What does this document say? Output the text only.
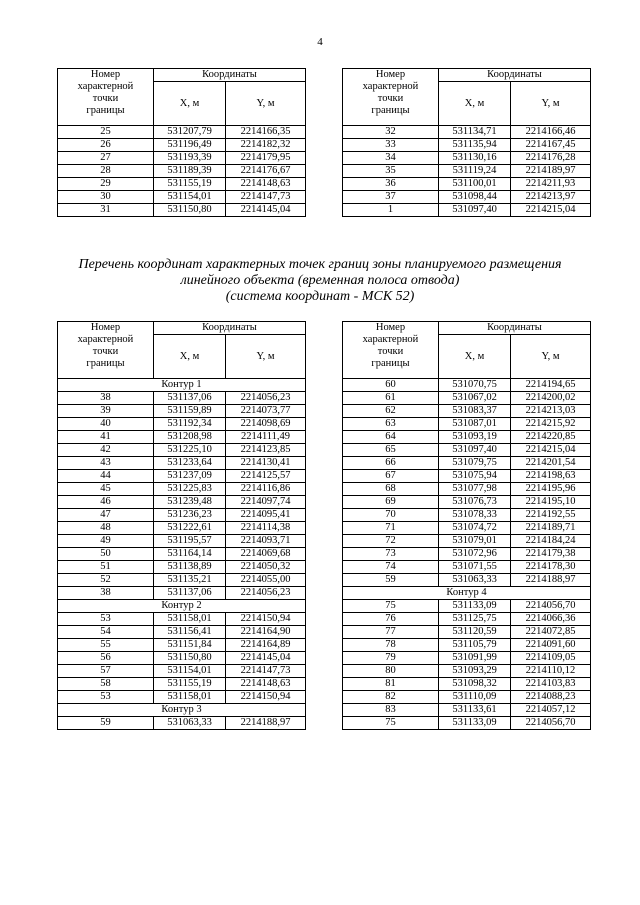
4
Номер
характерной
точки
границы	Координаты	
	X, м	Y, м
25	531207,79	2214166,35
26	531196,49	2214182,32
27	531193,39	2214179,95
28	531189,39	2214176,67
29	531155,19	2214148,63
30	531154,01	2214147,73
31	531150,80	2214145,04
Номер
характерной
точки
границы	Координаты	
	X, м	Y, м
32	531134,71	2214166,46
33	531135,94	2214167,45
34	531130,16	2214176,28
35	531119,24	2214189,97
36	531100,01	2214211,93
37	531098,44	2214213,97
1	531097,40	2214215,04
Перечень координат характерных точек границ зоны планируемого размещения
линейного объекта (временная полоса отвода)
(система координат - МСК 52)
Номер
характерной
точки
границы	Координаты	
	X, м	Y, м
Контур 1		
38	531137,06	2214056,23
39	531159,89	2214073,77
40	531192,34	2214098,69
41	531208,98	2214111,49
42	531225,10	2214123,85
43	531233,64	2214130,41
44	531237,09	2214125,57
45	531225,83	2214116,86
46	531239,48	2214097,74
47	531236,23	2214095,41
48	531222,61	2214114,38
49	531195,57	2214093,71
50	531164,14	2214069,68
51	531138,89	2214050,32
52	531135,21	2214055,00
38	531137,06	2214056,23
Контур 2		
53	531158,01	2214150,94
54	531156,41	2214164,90
55	531151,84	2214164,89
56	531150,80	2214145,04
57	531154,01	2214147,73
58	531155,19	2214148,63
53	531158,01	2214150,94
Контур 3		
59	531063,33	2214188,97
Номер
характерной
точки
границы	Координаты	
	X, м	Y, м
60	531070,75	2214194,65
61	531067,02	2214200,02
62	531083,37	2214213,03
63	531087,01	2214215,92
64	531093,19	2214220,85
65	531097,40	2214215,04
66	531079,75	2214201,54
67	531075,94	2214198,63
68	531077,98	2214195,96
69	531076,73	2214195,10
70	531078,33	2214192,55
71	531074,72	2214189,71
72	531079,01	2214184,24
73	531072,96	2214179,38
74	531071,55	2214178,30
59	531063,33	2214188,97
Контур 4		
75	531133,09	2214056,70
76	531125,75	2214066,36
77	531120,59	2214072,85
78	531105,79	2214091,60
79	531091,99	2214109,05
80	531093,29	2214110,12
81	531098,32	2214103,83
82	531110,09	2214088,23
83	531133,61	2214057,12
75	531133,09	2214056,70
